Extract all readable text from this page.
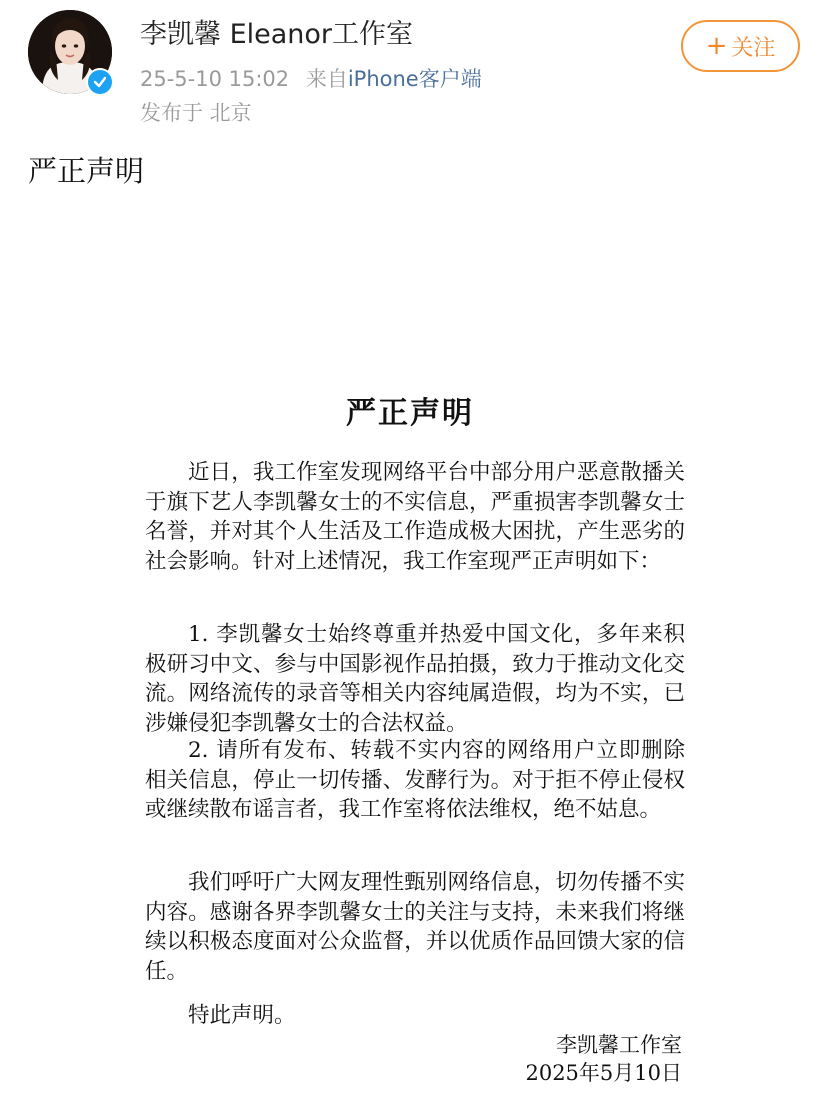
李凯馨 Eleanor工作室
25-5-10 15:02 来自iPhone客户端
发布于 北京
+ 关注
严正声明
严正声明
近日，我工作室发现网络平台中部分用户恶意散播关于旗下艺人李凯馨女士的不实信息，严重损害李凯馨女士名誉，并对其个人生活及工作造成极大困扰，产生恶劣的社会影响。针对上述情况，我工作室现严正声明如下：
1. 李凯馨女士始终尊重并热爱中国文化，多年来积极研习中文、参与中国影视作品拍摄，致力于推动文化交流。网络流传的录音等相关内容纯属造假，均为不实，已涉嫌侵犯李凯馨女士的合法权益。
2. 请所有发布、转载不实内容的网络用户立即删除相关信息，停止一切传播、发酵行为。对于拒不停止侵权或继续散布谣言者，我工作室将依法维权，绝不姑息。
我们呼吁广大网友理性甄别网络信息，切勿传播不实内容。感谢各界李凯馨女士的关注与支持，未来我们将继续以积极态度面对公众监督，并以优质作品回馈大家的信任。
特此声明。
李凯馨工作室
2025年5月10日
